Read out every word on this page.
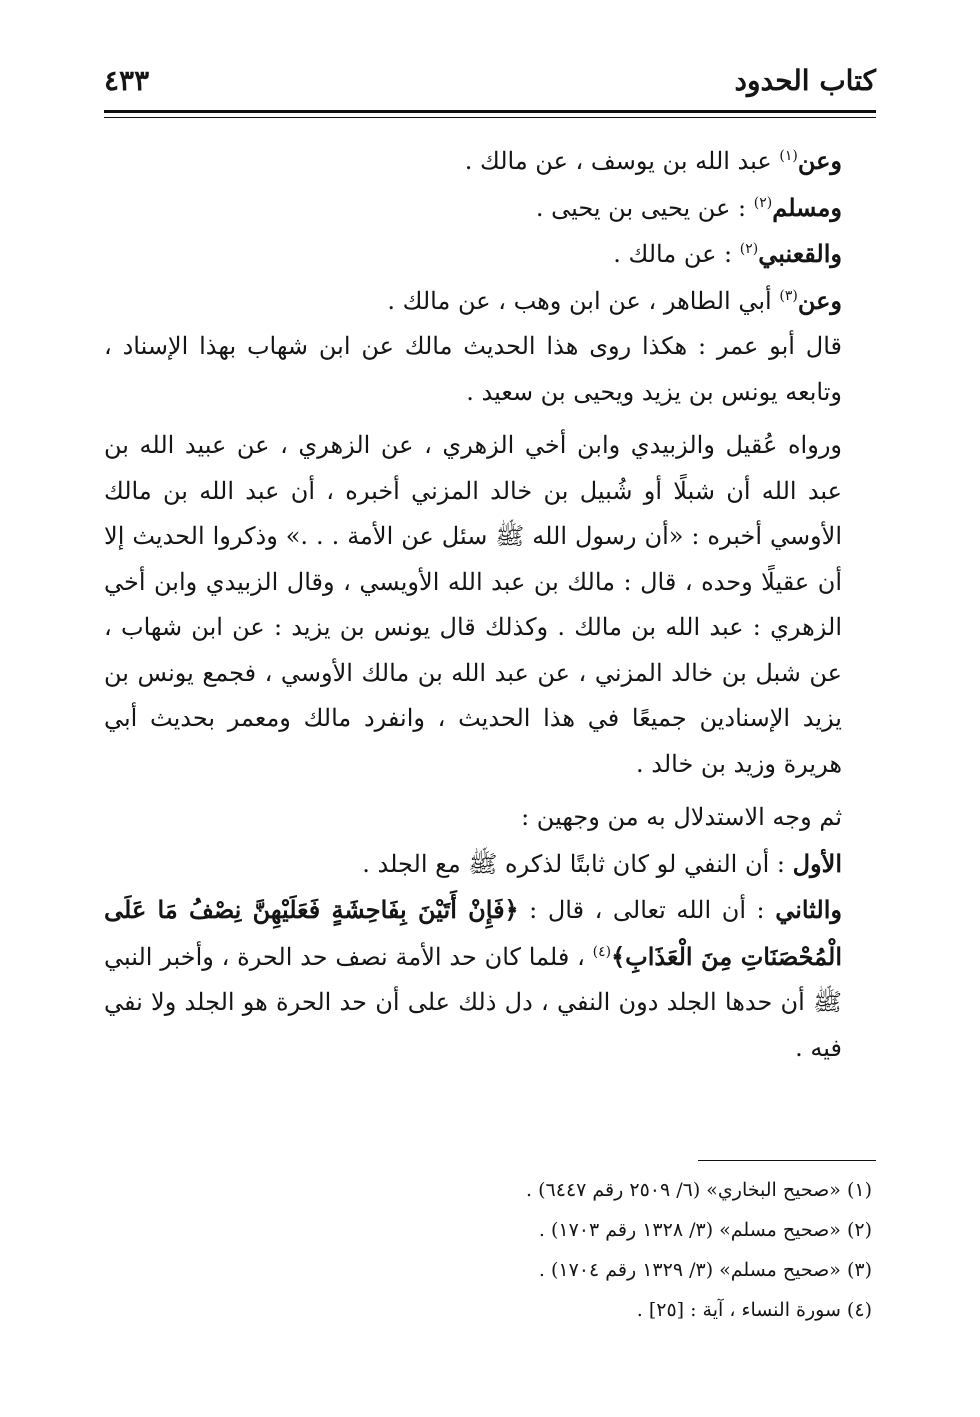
كتاب الحدود
٤٣٣

وعن$^{(١)}$ عبد الله بن يوسف ، عن مالك .

ومسلم$^{(٢)}$ : عن يحيى بن يحيى .

والقعنبي$^{(٢)}$ : عن مالك .

وعن$^{(٣)}$ أبي الطاهر ، عن ابن وهب ، عن مالك .

قال أبو عمر : هكذا روى هذا الحديث مالك عن ابن شهاب بهذا الإسناد ، وتابعه يونس بن يزيد ويحيى بن سعيد .

ورواه عُقيل والزبيدي وابن أخي الزهري ، عن الزهري ، عن عبيد الله بن عبد الله أن شبلًا أو شُبيل بن خالد المزني أخبره ، أن عبد الله بن مالك الأوسي أخبره : «أن رسول الله ﷺ سئل عن الأمة . . .» وذكروا الحديث إلا أن عقيلًا وحده ، قال : مالك بن عبد الله الأويسي ، وقال الزبيدي وابن أخي الزهري : عبد الله بن مالك . وكذلك قال يونس بن يزيد : عن ابن شهاب ، عن شبل بن خالد المزني ، عن عبد الله بن مالك الأوسي ، فجمع يونس بن يزيد الإسنادين جميعًا في هذا الحديث ، وانفرد مالك ومعمر بحديث أبي هريرة وزيد بن خالد .

ثم وجه الاستدلال به من وجهين :

الأول : أن النفي لو كان ثابتًا لذكره ﷺ مع الجلد .

والثاني : أن الله تعالى ، قال : ﴿فَإِنْ أَتَيْنَ بِفَاحِشَةٍ فَعَلَيْهِنَّ نِصْفُ مَا عَلَى الْمُحْصَنَاتِ مِنَ الْعَذَابِ﴾$^{(٤)}$ ، فلما كان حد الأمة نصف حد الحرة ، وأخبر النبي ﷺ أن حدها الجلد دون النفي ، دل ذلك على أن حد الحرة هو الجلد ولا نفي فيه .

(١) «صحيح البخاري» (٦/ ٢٥٠٩ رقم ٦٤٤٧) .

(٢) «صحيح مسلم» (٣/ ١٣٢٨ رقم ١٧٠٣) .

(٣) «صحيح مسلم» (٣/ ١٣٢٩ رقم ١٧٠٤) .

(٤) سورة النساء ، آية : [٢٥] .
